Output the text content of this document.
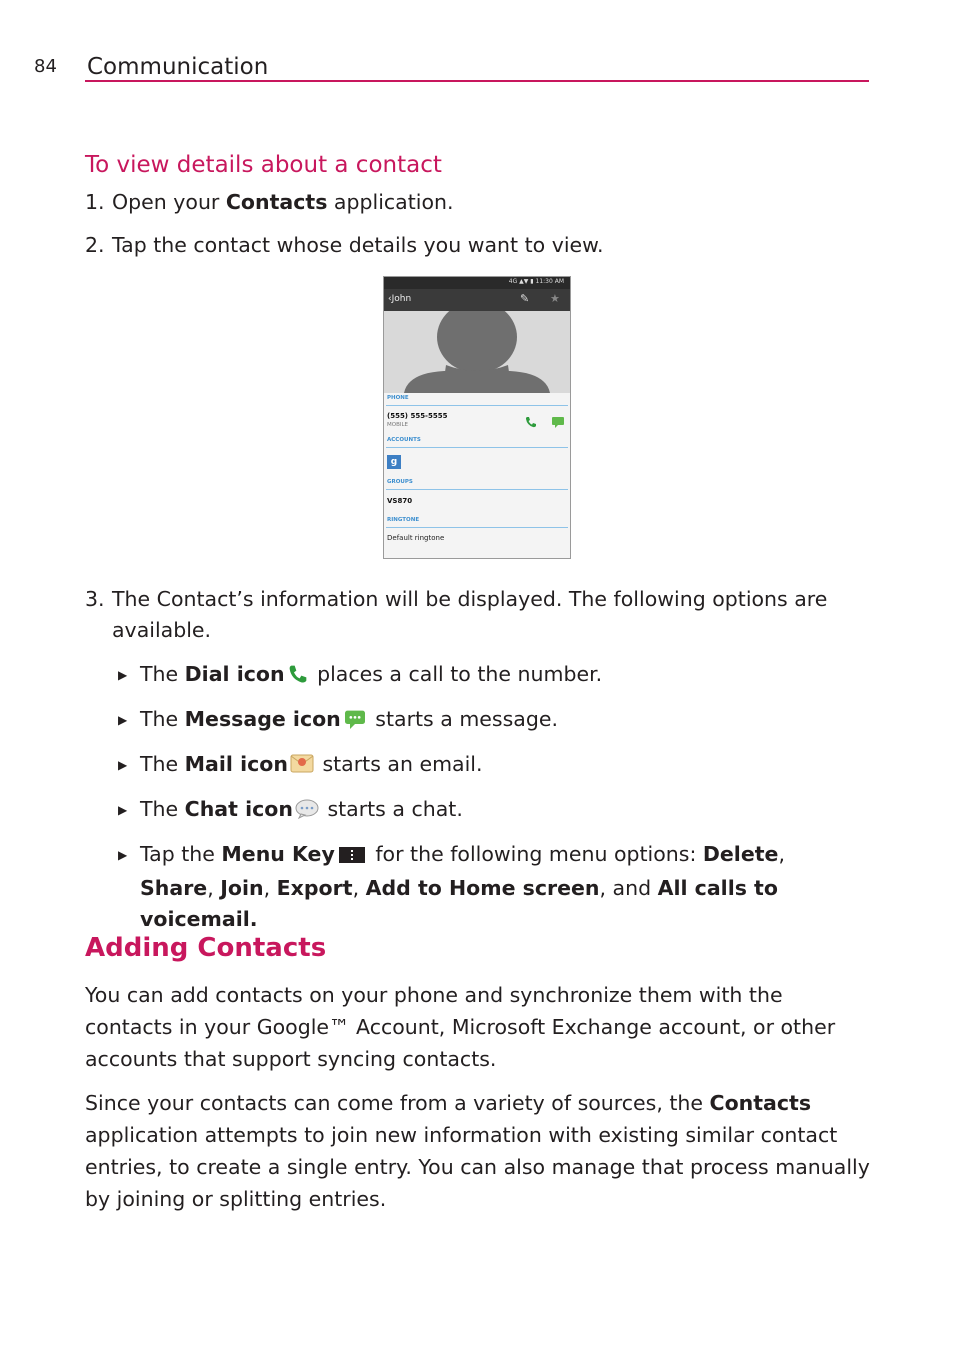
84 Communication
To view details about a contact
1. Open your Contacts application.
2. Tap the contact whose details you want to view.
4G ▲▼ ▮ 11:30 AM
‹John	✎ ★
PHONE
(555) 555-5555
MOBILE
ACCOUNTS
g
GROUPS
VS870
RINGTONE
Default ringtone
3. The Contact’s information will be displayed. The following options are available.
▶ The Dial icon places a call to the number.
▶ The Message icon starts a message.
▶ The Mail icon starts an email.
▶ The Chat icon starts a chat.
▶ Tap the Menu Key for the following menu options: Delete, Share, Join, Export, Add to Home screen, and All calls to voicemail.
Adding Contacts
You can add contacts on your phone and synchronize them with the contacts in your Google™ Account, Microsoft Exchange account, or other accounts that support syncing contacts.
Since your contacts can come from a variety of sources, the Contacts application attempts to join new information with existing similar contact entries, to create a single entry. You can also manage that process manually by joining or splitting entries.
